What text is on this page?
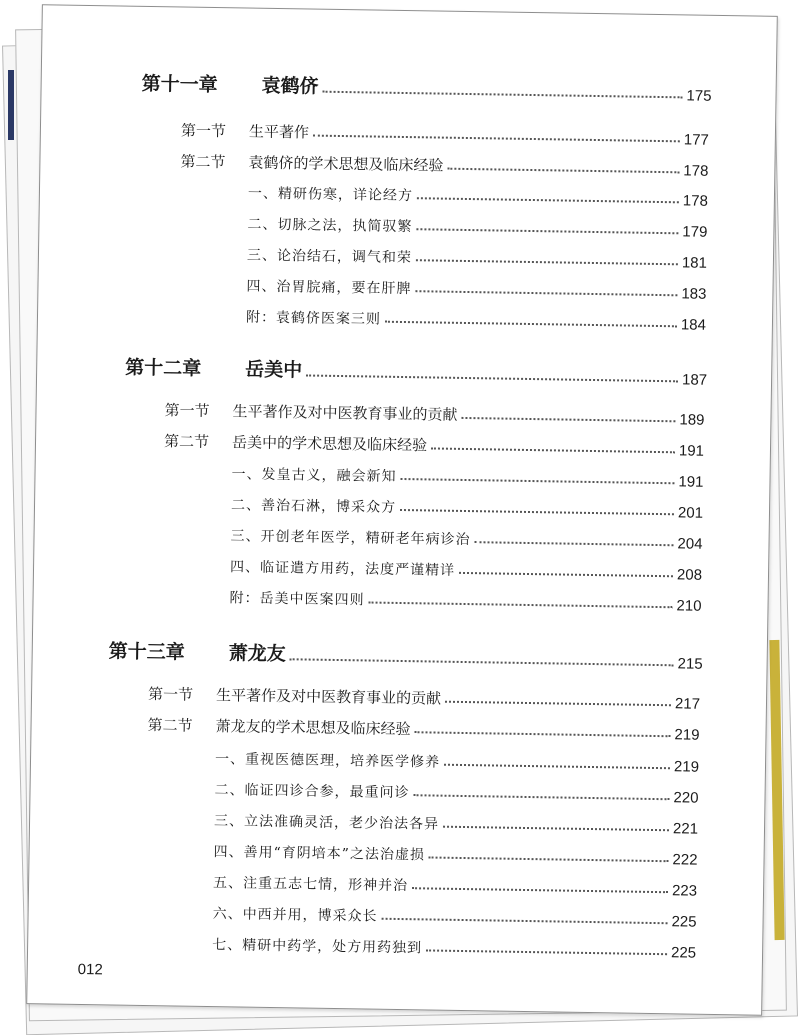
第十一章	袁鹤侪	175
第一节	生平著作	177
第二节	袁鹤侪的学术思想及临床经验	178
一、精研伤寒，详论经方	178
二、切脉之法，执简驭繁	179
三、论治结石，调气和荣	181
四、治胃脘痛，要在肝脾	183
附：袁鹤侪医案三则	184
第十二章	岳美中	187
第一节	生平著作及对中医教育事业的贡献	189
第二节	岳美中的学术思想及临床经验	191
一、发皇古义，融会新知	191
二、善治石淋，博采众方	201
三、开创老年医学，精研老年病诊治	204
四、临证遣方用药，法度严谨精详	208
附：岳美中医案四则	210
第十三章	萧龙友	215
第一节	生平著作及对中医教育事业的贡献	217
第二节	萧龙友的学术思想及临床经验	219
一、重视医德医理，培养医学修养	219
二、临证四诊合参，最重问诊	220
三、立法准确灵活，老少治法各异	221
四、善用“育阴培本”之法治虚损	222
五、注重五志七情，形神并治	223
六、中西并用，博采众长	225
七、精研中药学，处方用药独到	225
012
